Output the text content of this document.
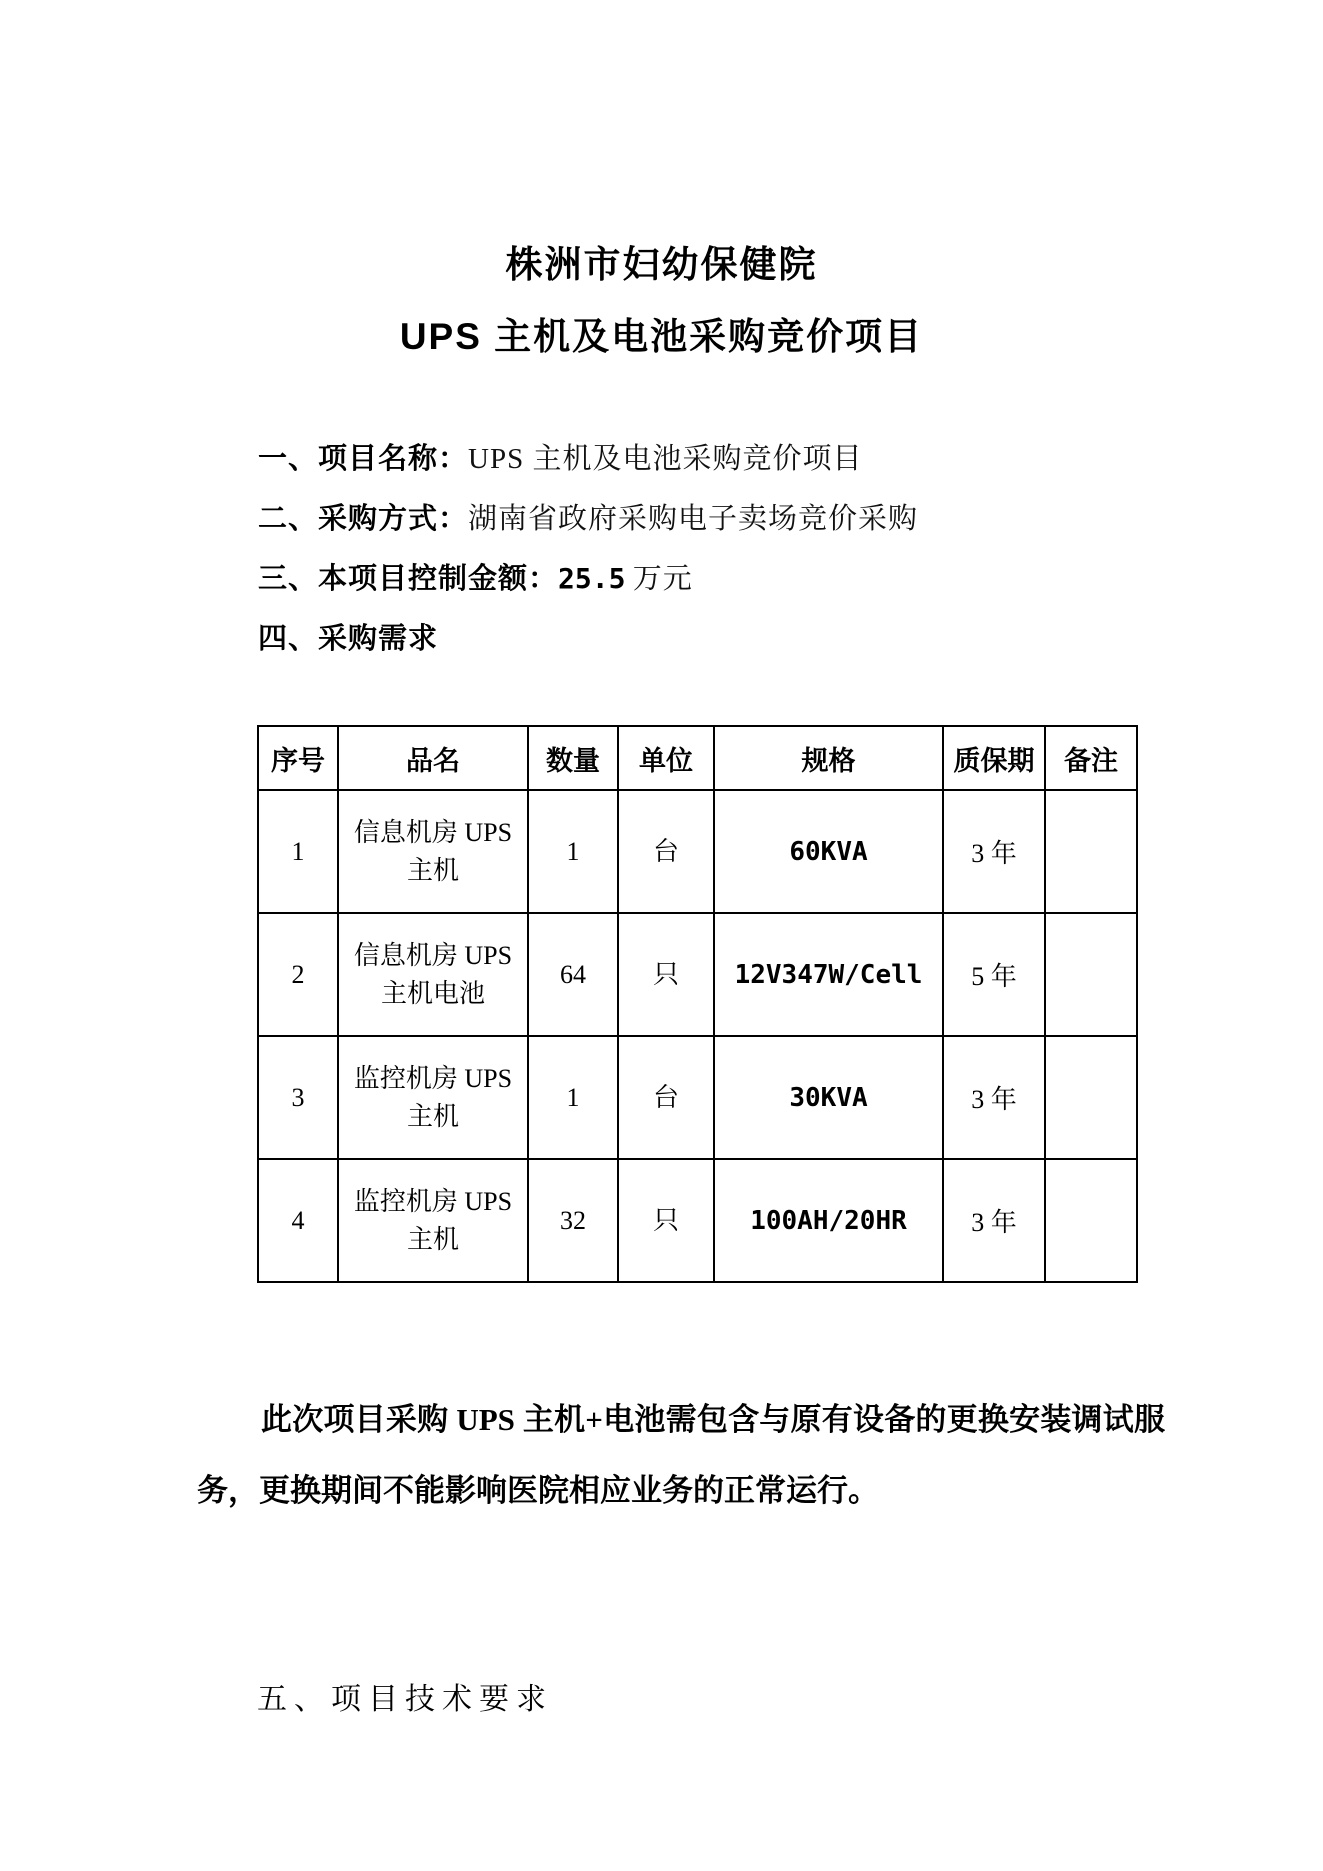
株洲市妇幼保健院
UPS 主机及电池采购竞价项目
一、项目名称：UPS 主机及电池采购竞价项目
二、采购方式：湖南省政府采购电子卖场竞价采购
三、本项目控制金额：25.5 万元
四、采购需求
序号	品名	数量	单位	规格	质保期	备注
1	信息机房 UPS 主机	1	台	60KVA	3 年	
2	信息机房 UPS 主机电池	64	只	12V347W/Cell	5 年	
3	监控机房 UPS 主机	1	台	30KVA	3 年	
4	监控机房 UPS 主机	32	只	100AH/20HR	3 年	
此次项目采购 UPS 主机+电池需包含与原有设备的更换安装调试服务，更换期间不能影响医院相应业务的正常运行。
五、项目技术要求
